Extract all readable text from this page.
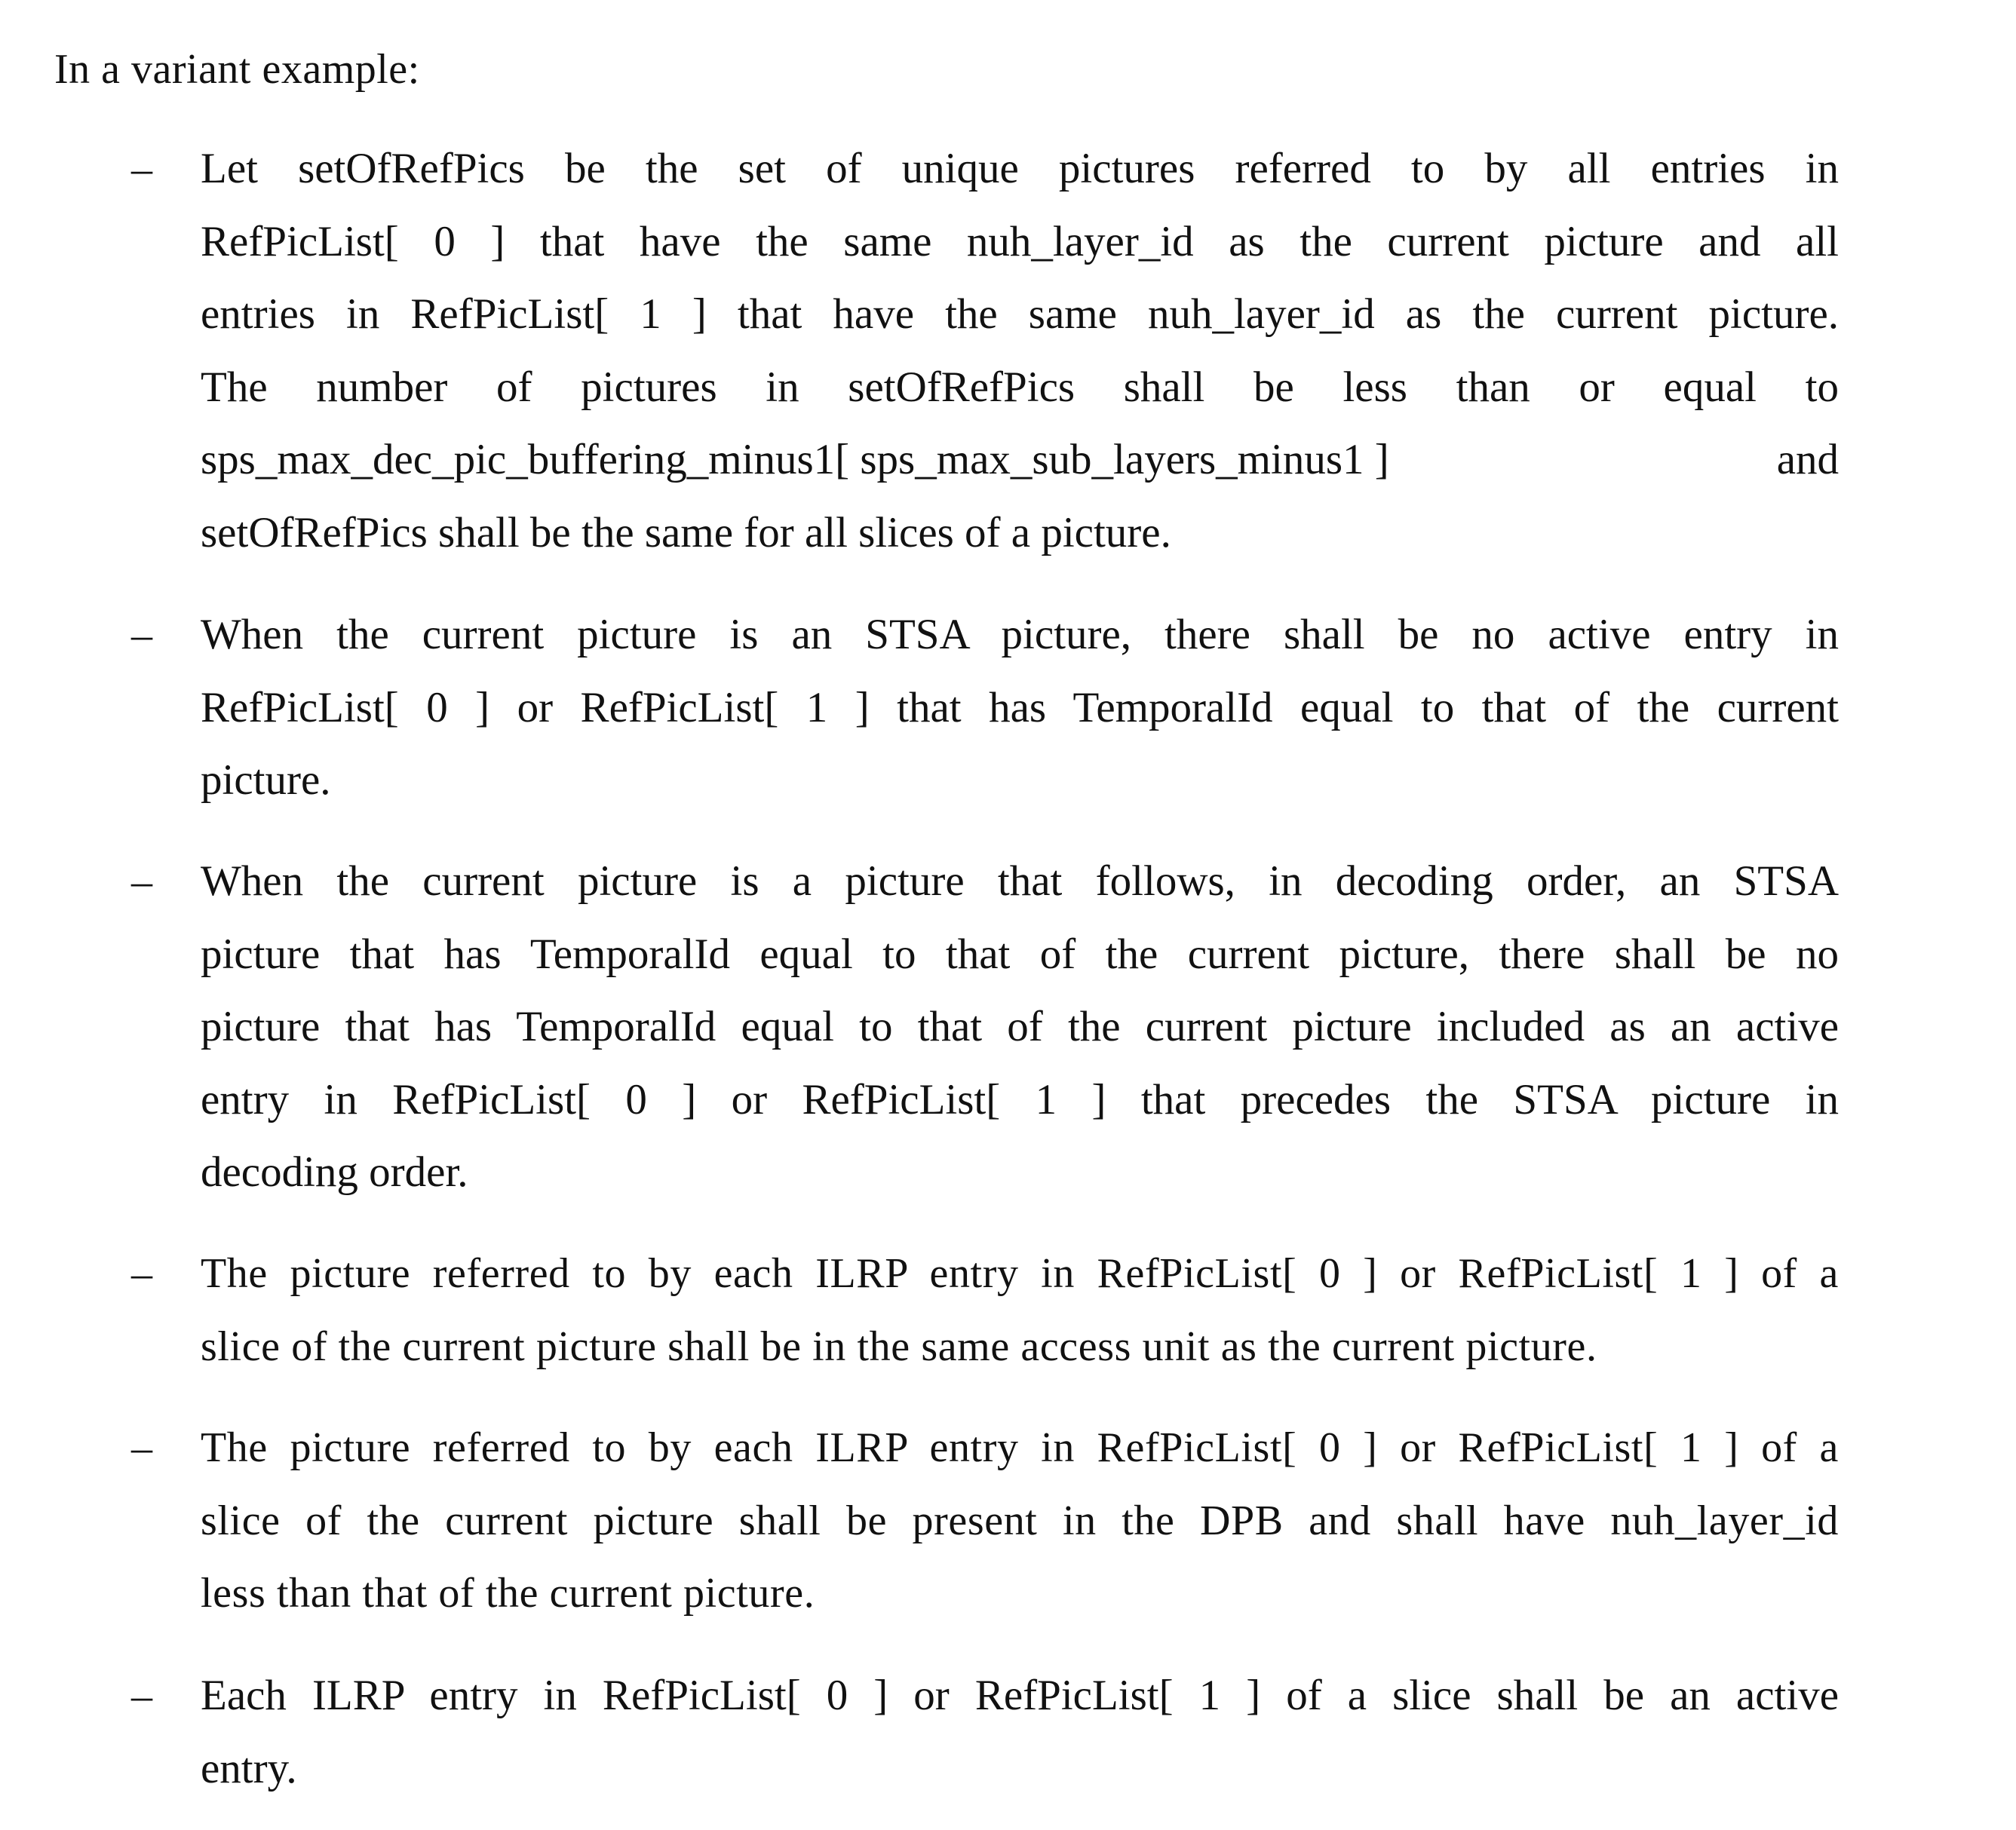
In a variant example:
– Let setOfRefPics be the set of unique pictures referred to by all entries in
RefPicList[ 0 ] that have the same nuh_layer_id as the current picture and all
entries in RefPicList[ 1 ] that have the same nuh_layer_id as the current picture.
The number of pictures in setOfRefPics shall be less than or equal to
sps_max_dec_pic_buffering_minus1[ sps_max_sub_layers_minus1 ]	and
setOfRefPics shall be the same for all slices of a picture.
– When the current picture is an STSA picture, there shall be no active entry in
RefPicList[ 0 ] or RefPicList[ 1 ] that has TemporalId equal to that of the current
picture.
– When the current picture is a picture that follows, in decoding order, an STSA
picture that has TemporalId equal to that of the current picture, there shall be no
picture that has TemporalId equal to that of the current picture included as an active
entry in RefPicList[ 0 ] or RefPicList[ 1 ] that precedes the STSA picture in
decoding order.
– The picture referred to by each ILRP entry in RefPicList[ 0 ] or RefPicList[ 1 ] of a
slice of the current picture shall be in the same access unit as the current picture.
– The picture referred to by each ILRP entry in RefPicList[ 0 ] or RefPicList[ 1 ] of a
slice of the current picture shall be present in the DPB and shall have nuh_layer_id
less than that of the current picture.
– Each ILRP entry in RefPicList[ 0 ] or RefPicList[ 1 ] of a slice shall be an active
entry.
